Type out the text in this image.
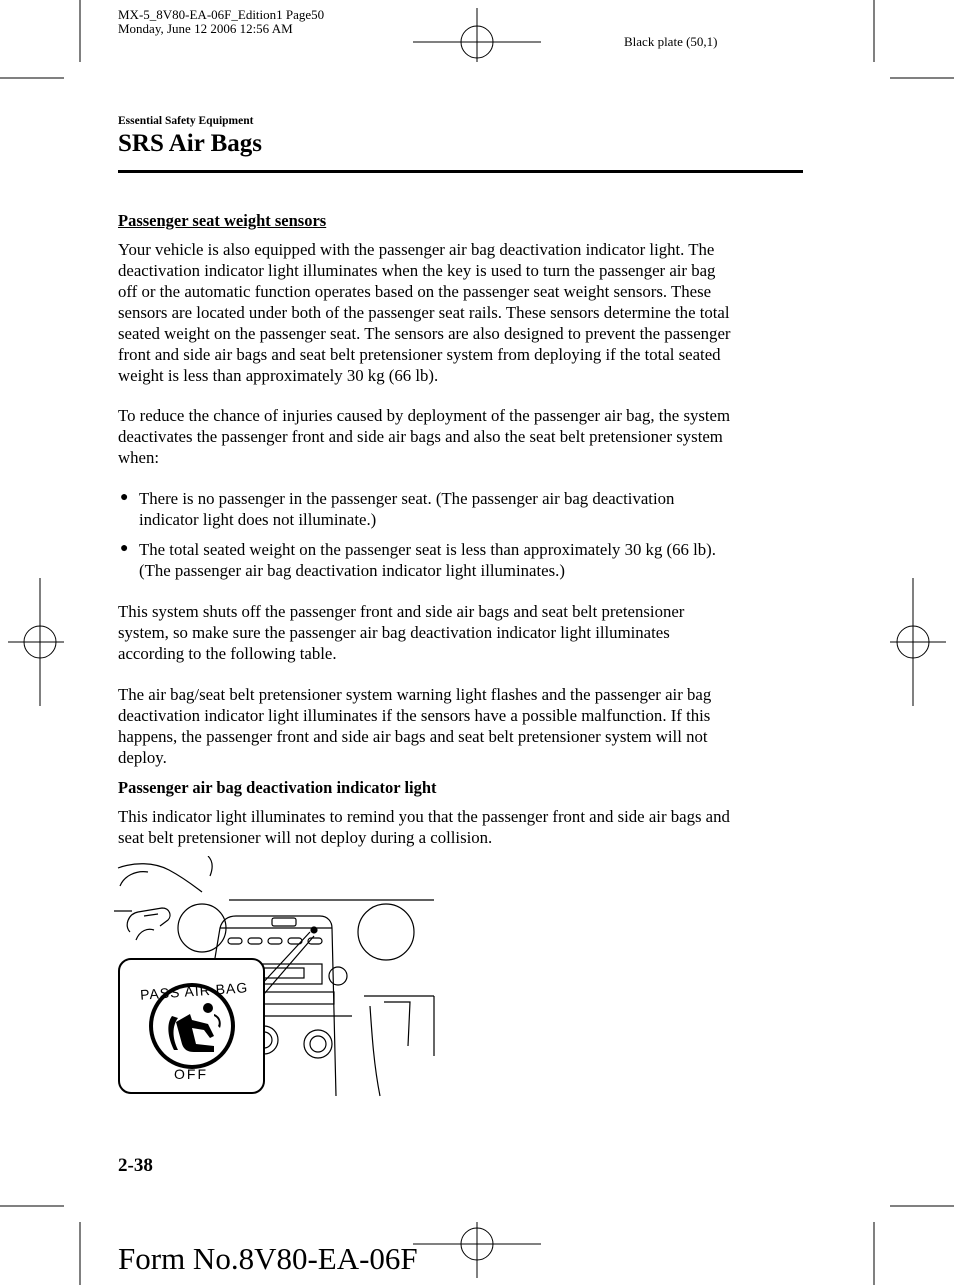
MX-5_8V80-EA-06F_Edition1 Page50
Monday, June 12 2006 12:56 AM
Black plate (50,1)
Essential Safety Equipment
SRS Air Bags
Passenger seat weight sensors
Your vehicle is also equipped with the passenger air bag deactivation indicator light. The
deactivation indicator light illuminates when the key is used to turn the passenger air bag
off or the automatic function operates based on the passenger seat weight sensors. These
sensors are located under both of the passenger seat rails. These sensors determine the total
seated weight on the passenger seat. The sensors are also designed to prevent the passenger
front and side air bags and seat belt pretensioner system from deploying if the total seated
weight is less than approximately 30 kg (66 lb).
To reduce the chance of injuries caused by deployment of the passenger air bag, the system
deactivates the passenger front and side air bags and also the seat belt pretensioner system
when:
● There is no passenger in the passenger seat. (The passenger air bag deactivation
indicator light does not illuminate.)
● The total seated weight on the passenger seat is less than approximately 30 kg (66 lb).
(The passenger air bag deactivation indicator light illuminates.)
This system shuts off the passenger front and side air bags and seat belt pretensioner
system, so make sure the passenger air bag deactivation indicator light illuminates
according to the following table.
The air bag/seat belt pretensioner system warning light flashes and the passenger air bag
deactivation indicator light illuminates if the sensors have a possible malfunction. If this
happens, the passenger front and side air bags and seat belt pretensioner system will not
deploy.
Passenger air bag deactivation indicator light
This indicator light illuminates to remind you that the passenger front and side air bags and
seat belt pretensioner will not deploy during a collision.
PASS AIR BAG
OFF
2-38
Form No.8V80-EA-06F
